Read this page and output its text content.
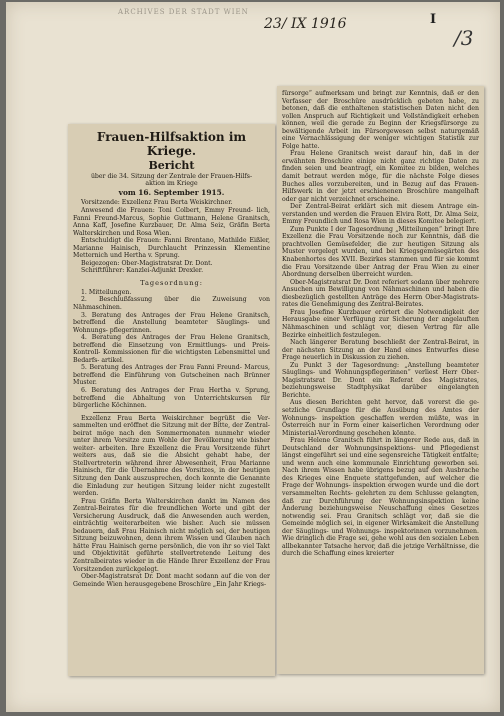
ARCHIVES DER STADT WIEN
23/ IX 1916	I
/3
Frauen-Hilfsaktion im Kriege.
Bericht
über die 34. Sitzung der Zentrale der Frauen-Hilfs-
aktion im Kriege
vom 16. September 1915.

Vorsitzende: Exzellenz Frau Berta Weiskirchner.

Anwesend die Frauen: Toni Colbert, Emmy Freund- lich, Fanni Freund-Marcus, Sophie Guttmann, Helene Granitsch, Anna Kaff, Josefine Kurzbauer, Dr. Alma Seiz, Gräfin Berta Walterskirchen und Rosa Wien.

Entschuldigt die Frauen: Fanni Brentano, Mathilde Eißler, Marianne Hainisch, Durchlaucht Prinzessin Klementine Metternich und Hertha v. Sprung.

Beigezogen: Ober-Magistratsrat Dr. Dont.

Schriftführer: Kanzlei-Adjunkt Drexler.

Tagesordnung:

1. Mitteilungen.

2. Beschlußfassung über die Zuweisung von Nähmaschinen.

3. Beratung des Antrages der Frau Helene Granitsch, betreffend die Anstellung beamteter Säuglings- und Wohnungs- pflegerinnen.

4. Beratung des Antrages der Frau Helene Granitsch, betreffend die Einsetzung von Ermittlungs- und Preis-Kontroll- Kommissionen für die wichtigsten Lebensmittel und Bedarfs- artikel.

5. Beratung des Antrages der Frau Fanni Freund- Marcus, betreffend die Einführung von Gutscheinen nach Brünner Muster.

6. Beratung des Antrages der Frau Hertha v. Sprung, betreffend die Abhaltung von Unterrichtskursen für bürgerliche Köchinnen.

Exzellenz Frau Berta Weiskirchner begrüßt die Ver- sammelten und eröffnet die Sitzung mit der Bitte, der Zentral- beirat möge nach den Sommermonaten nunmehr wieder unter ihrem Vorsitze zum Wohle der Bevölkerung wie bisher weiter- arbeiten. Ihre Exzellenz die Frau Vorsitzende führt weiters aus, daß sie die Absicht gehabt habe, der Stellvertreterin während ihrer Abwesenheit, Frau Marianne Hainisch, für die Übernahme des Vorsitzes, in der heutigen Sitzung den Dank auszusprechen, doch konnte die Genannte die Einladung zur heutigen Sitzung leider nicht zugestellt werden.

Frau Gräfin Berta Walterskirchen dankt im Namen des Zentral-Beirates für die freundlichen Worte und gibt der Versicherung Ausdruck, daß die Anwesenden auch werden, einträchtig weiterarbeiten wie bisher. Auch sie müssen bedauern, daß Frau Hainisch nicht möglich sei, der heutigen Sitzung beizuwohnen, denn ihrem Wissen und Glauben nach hätte Frau Hainisch gerne persönlich, die von ihr so viel Takt und Objektivität geführte stellvertretende Leitung des Zentralbeirates wieder in die Hände Ihrer Exzellenz der Frau Vorsitzenden zurückgelegt.

Ober-Magistratsrat Dr. Dont macht sodann auf die von der Gemeinde Wien herausgegebene Broschüre „Ein Jahr Kriegs-

fürsorge“ aufmerksam und bringt zur Kenntnis, daß er den Verfasser der Broschüre ausdrücklich gebeten habe, zu betonen, daß die enthaltenen statistischen Daten nicht den vollen Anspruch auf Richtigkeit und Vollständigkeit erheben können, weil die gerade zu Beginn der Kriegsfürsorge zu bewältigende Arbeit im Fürsorgewesen selbst naturgemäß eine Vernachlässigung der weniger wichtigen Statistik zur Folge hatte.

Frau Helene Granitsch weist darauf hin, daß in der erwähnten Broschüre einige nicht ganz richtige Daten zu finden seien und beantragt, ein Komitee zu bilden, welches damit betraut werden möge, für die nächste Folge dieses Buches alles vorzubereiten, und in Bezug auf das Frauen-Hilfswerk in der jetzt erschienenen Broschüre mangelhaft oder gar nicht verzeichnet erscheine.

Der Zentral-Beirat erklärt sich mit diesem Antrage ein- verstanden und werden die Frauen Elvira Rott, Dr. Alma Seiz, Emmy Freundlich und Rosa Wien in dieses Komitee belegiert.

Zum Punkte I der Tagesordnung „Mitteilungen“ bringt Ihre Exzellenz die Frau Vorsitzende noch zur Kenntnis, daß die prachtvollen Gemüsefelder, die zur heutigen Sitzung als Muster vorgelegt wurden, und bei Kriegsgemüsegärten des Knabenhortes des XVII. Bezirkes stammen und für sie kommt die Frau Vorsitzende über Antrag der Frau Wien zu einer Abordnung derselben überreicht wurden.

Ober-Magistratsrat Dr. Dont referiert sodann über mehrere Ansuchen um Bewilligung von Nähmaschinen und haben die diesbezüglich gestellten Anträge des Herrn Ober-Magistrats- rates die Genehmigung des Zentral-Beirates.

Frau Josefine Kurzbauer erörtert die Notwendigkeit der Herausgabe einer Verfügung zur Sicherung der angelauften Nähmaschinen und schlägt vor, diesen Vertrag für alle Bezirke einheitlich festzulegen.

Nach längerer Beratung beschließt der Zentral-Beirat, in der nächsten Sitzung an der Hand eines Entwurfes diese Frage neuerlich in Diskussion zu ziehen.

Zu Punkt 3 der Tagesordnung: „Anstellung beamteter Säuglings- und Wohnungspflegerinnen“ verliest Herr Ober- Magistratsrat Dr. Dont ein Referat des Magistrates, beziehungsweise Stadtphysikat darüber eingelangten Berichte.

Aus diesen Berichten geht hervor, daß vorerst die ge- setzliche Grundlage für die Ausübung des Amtes der Wohnungs- inspektion geschaffen werden müßte, was in Österreich nur in Form einer kaiserlichen Verordnung oder Ministerial-Verordnung geschehen könnte.

Frau Helene Granitsch führt in längerer Rede aus, daß in Deutschland der Wohnungsinspektions- und Pflegedienst längst eingeführt sei und eine segensreiche Tätigkeit entfalte; und wenn auch eine kommunale Einrichtung geworben sei. Nach ihrem Wissen habe übrigens bezug auf den Ausbrache des Krieges eine Enquete stattgefunden, auf welcher die Frage der Wohnungs- inspektion erwogen wurde und die dort versammelten Rechts- gelehrten zu dem Schlusse gelangten, daß zur Durchführung der Wohnungsinspektion keine Änderung beziehungsweise Neuschaffung eines Gesetzes notwendig sei. Frau Granitsch schlägt vor, daß sie die Gemeinde möglich sei, in eigener Wirksamkeit die Anstellung der Säuglings- und Wohnungs- inspektorinnen vorzunehmen. Wie dringlich die Frage sei, gehe wohl aus den sozialen Leben allbekannter Tatsache hervor, daß die jetzige Verhältnisse, die durch die Schaffung eines kreierter
